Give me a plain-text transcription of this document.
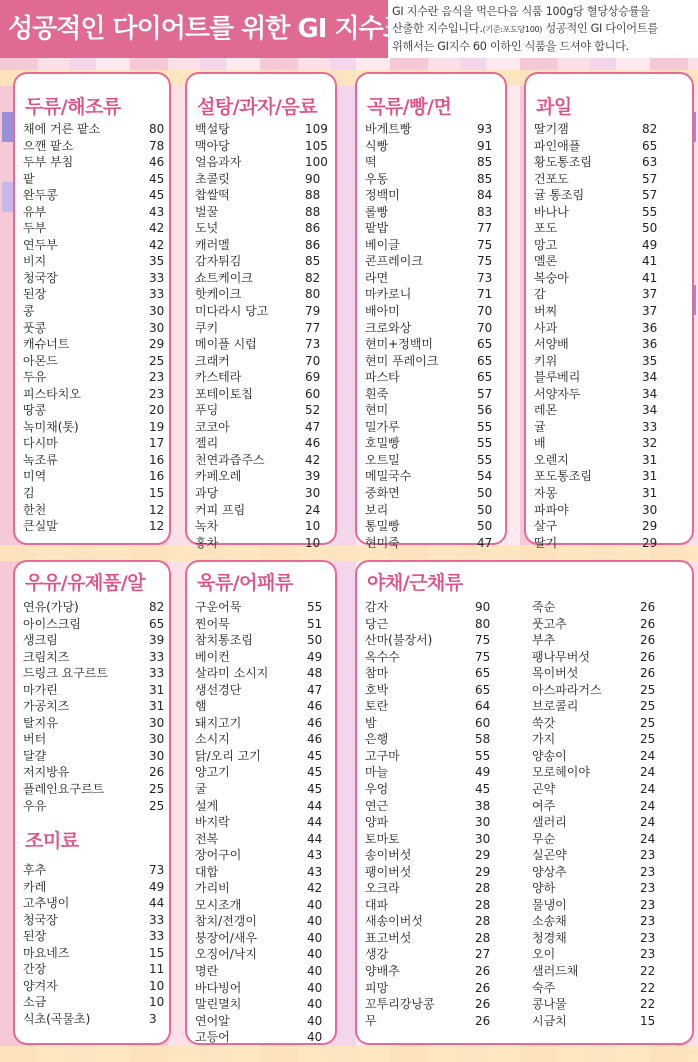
성공적인 다이어트를 위한 GI 지수표
GI 지수란 음식을 먹은다음 식품 100g당 혈당상승률을
산출한 지수입니다.(기준:포도당100) 성공적인 GI 다이어트를
위해서는 GI지수 60 이하인 식품을 드셔야 합니다.
두류/해조류
채에 거른 팥소	80
으깬 팥소	78
두부 부침	46
팥	45
완두콩	45
유부	43
두부	42
연두부	42
비지	35
청국장	33
된장	33
콩	30
풋콩	30
캐슈너트	29
아몬드	25
두유	23
피스타치오	23
땅콩	20
녹미채(톳)	19
다시마	17
녹조류	16
미역	16
김	15
한천	12
큰실말	12
설탕/과자/음료
백설탕	109
맥아당	105
얼음과자	100
초콜릿	90
찹쌀떡	88
벌꿀	88
도넛	86
캐러멜	86
감자튀김	85
쇼트케이크	82
핫케이크	80
미다라시 당고	79
쿠키	77
메이플 시럽	73
크래커	70
카스테라	69
포테이토칩	60
푸딩	52
코코아	47
젤리	46
천연과즙주스	42
카페오레	39
과당	30
커피 프림	24
녹차	10
홍차	10
곡류/빵/면
바게트빵	93
식빵	91
떡	85
우동	85
정백미	84
롤빵	83
팥밥	77
베이글	75
콘프레이크	75
라면	73
마카로니	71
배아미	70
크로와상	70
현미+정백미	65
현미 푸레이크	65
파스타	65
흰죽	57
현미	56
밀가루	55
호밀빵	55
오트밀	55
메밀국수	54
중화면	50
보리	50
통밀빵	50
현미죽	47
과일
딸기잼	82
파인애플	65
황도통조림	63
건포도	57
귤 통조림	57
바나나	55
포도	50
망고	49
멜론	41
복숭아	41
감	37
버찌	37
사과	36
서양배	36
키위	35
블루베리	34
서양자두	34
레몬	34
귤	33
배	32
오렌지	31
포도통조림	31
자몽	31
파파야	30
살구	29
딸기	29
우유/유제품/알
연유(가당)	82
아이스크림	65
생크림	39
크림치즈	33
드링크 요구르트	33
마가린	31
가공치즈	31
탈지유	30
버터	30
달걀	30
저지방유	26
플레인요구르트	25
우유	25
조미료
후추	73
카레	49
고추냉이	44
청국장	33
된장	33
마요네즈	15
간장	11
양겨자	10
소금	10
식초(곡물초)	3
육류/어패류
구운어묵	55
찐어묵	51
참치통조림	50
베이컨	49
살라미 소시지	48
생선경단	47
햄	46
돼지고기	46
소시지	46
닭/오리 고기	45
양고기	45
굴	45
설게	44
바지락	44
전복	44
장어구이	43
대합	43
가리비	42
모시조개	40
참치/전갱이	40
붕장어/새우	40
오징어/낙지	40
명란	40
바다빙어	40
말린멸치	40
연어알	40
고등어	40
야채/근채류
감자	90
당근	80
산마(불장서)	75
옥수수	75
참마	65
호박	65
토란	64
밤	60
은행	58
고구마	55
마늘	49
우엉	45
연근	38
양파	30
토마토	30
송이버섯	29
팽이버섯	29
오크라	28
대파	28
새송이버섯	28
표고버섯	28
생강	27
양배추	26
피망	26
꼬투리강낭콩	26
무	26
죽순	26
풋고추	26
부추	26
팽나무버섯	26
목이버섯	26
아스파라거스	25
브로콜리	25
쑥갓	25
가지	25
양송이	24
모로헤이야	24
곤약	24
여주	24
샐러리	24
무순	24
실곤약	23
양상추	23
양하	23
물냉이	23
소송채	23
청경채	23
오이	23
샐러드채	22
숙주	22
콩나물	22
시금치	15
